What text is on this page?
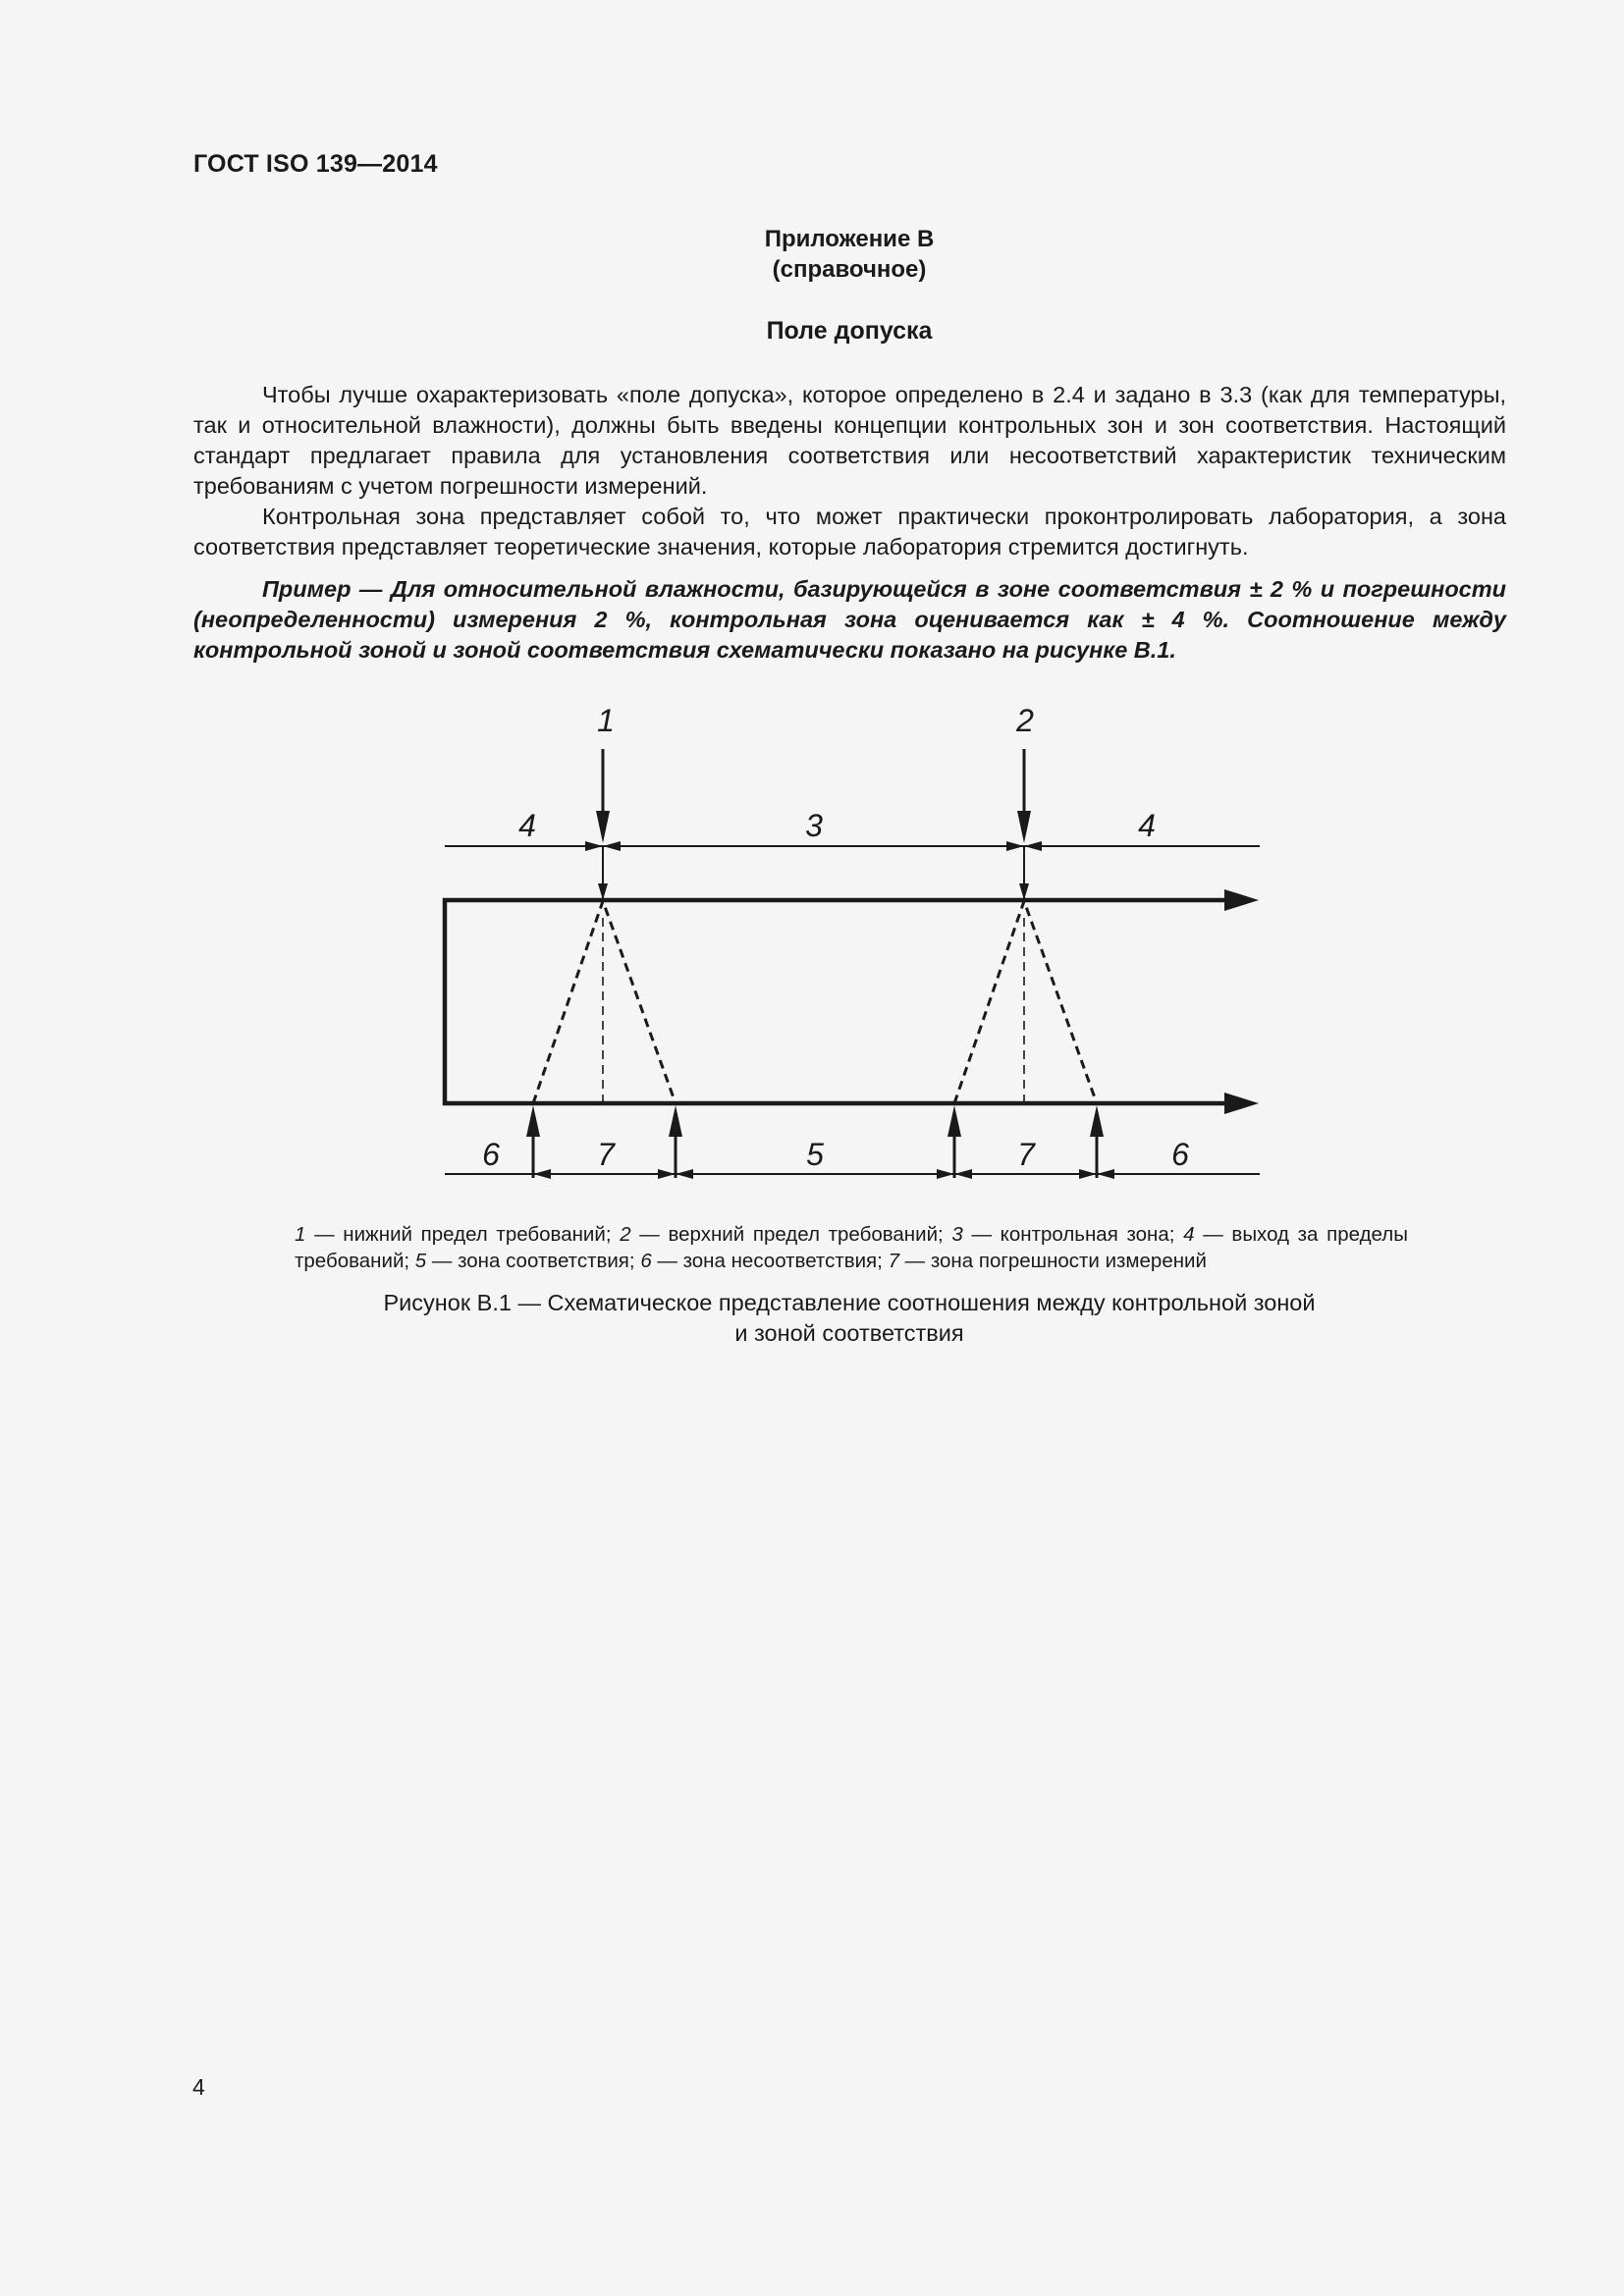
ГОСТ ISO 139—2014
Приложение B
(справочное)
Поле допуска

Чтобы лучше охарактеризовать «поле допуска», которое определено в 2.4 и задано в 3.3 (как для температуры, так и относительной влажности), должны быть введены концепции контрольных зон и зон соответствия. Настоящий стандарт предлагает правила для установления соответствия или несоответствий характеристик техническим требованиям с учетом погрешности измерений.

Контрольная зона представляет собой то, что может практически проконтролировать лаборатория, а зона соответствия представляет теоретические значения, которые лаборатория стремится достигнуть.

Пример — Для относительной влажности, базирующейся в зоне соответствия ± 2 % и погрешности (неопределенности) измерения 2 %, контрольная зона оценивается как ± 4 %. Соотношение между контрольной зоной и зоной соответствия схематически показано на рисунке B.1.
1	2
4	3	4
6	7	5	7	6
1 — нижний предел требований; 2 — верхний предел требований; 3 — контрольная зона; 4 — выход за пределы требований; 5 — зона соответствия; 6 — зона несоответствия; 7 — зона погрешности измерений
Рисунок B.1 — Схематическое представление соотношения между контрольной зоной
и зоной соответствия
4
